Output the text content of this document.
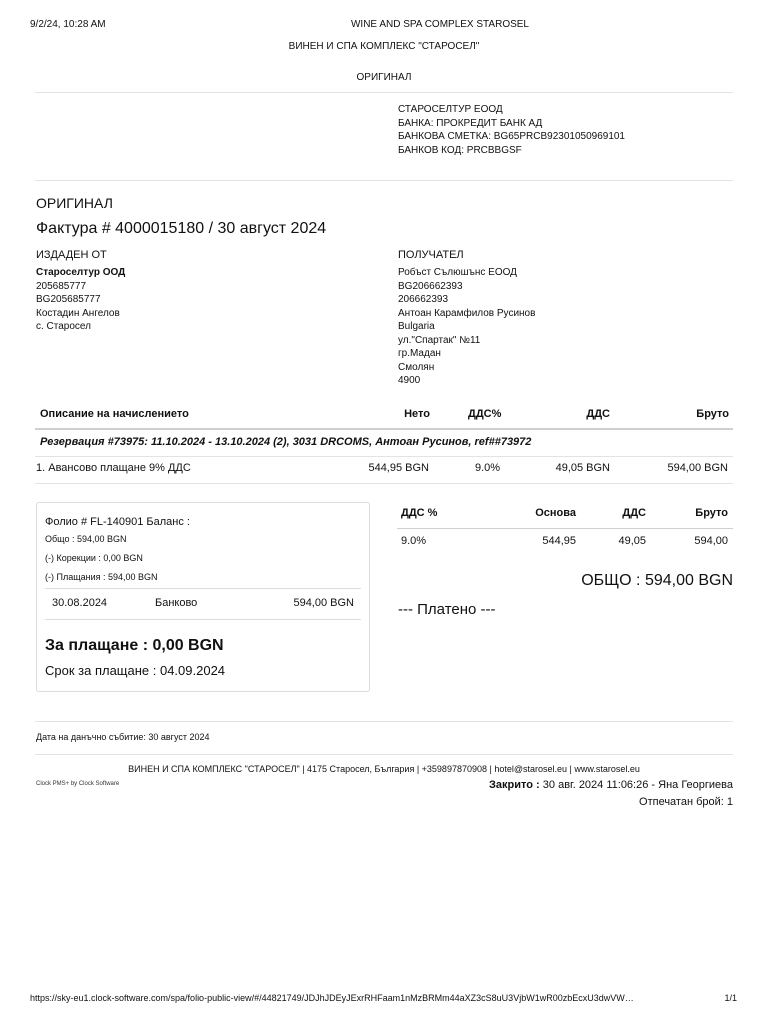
9/2/24, 10:28 AM	WINE AND SPA COMPLEX STAROSEL
ВИНЕН И СПА КОМПЛЕКС "СТАРОСЕЛ"
ОРИГИНАЛ
СТАРОСЕЛТУР ЕООД
БАНКА: ПРОКРЕДИТ БАНК АД
БАНКОВА СМЕТКА: BG65PRCB92301050969101
БАНКОВ КОД: PRCBBGSF
ОРИГИНАЛ
Фактура # 4000015180 / 30 август 2024
ИЗДАДЕН ОТ
Староселтур ООД
205685777
BG205685777
Костадин Ангелов
с. Старосел
ПОЛУЧАТЕЛ
Робъст Сълюшънс ЕООД
BG206662393
206662393
Антоан Карамфилов Русинов
Bulgaria
ул."Спартак" №11
гр.Мадан
Смолян
4900
Описание на начислението	Нето	ДДС%	ДДС	Бруто
Резервация #73975: 11.10.2024 - 13.10.2024 (2), 3031 DRCOMS, Антоан Русинов, ref##73972
1. Авансово плащане 9% ДДС	544,95 BGN	9.0%	49,05 BGN	594,00 BGN
Фолио # FL-140901 Баланс :
Общо : 594,00 BGN
(-) Корекции : 0,00 BGN
(-) Плащания : 594,00 BGN
30.08.2024	Банково	594,00 BGN
За плащане : 0,00 BGN
Срок за плащане : 04.09.2024
ДДС %	Основа	ДДС	Бруто
9.0%	544,95	49,05	594,00
ОБЩО : 594,00 BGN
--- Платено ---
Дата на данъчно събитие: 30 август 2024
ВИНЕН И СПА КОМПЛЕКС "СТАРОСЕЛ" | 4175 Старосел, България | +359897870908 | hotel@starosel.eu | www.starosel.eu
Clock PMS+ by Clock Software	Закрито : 30 авг. 2024 11:06:26 - Яна Георгиева
Отпечатан брой: 1
https://sky-eu1.clock-software.com/spa/folio-public-view/#/44821749/JDJhJDEyJExrRHFaam1nMzBRMm44aXZ3cS8uU3VjbW1wR00zbEcxU3dwVW…	1/1
